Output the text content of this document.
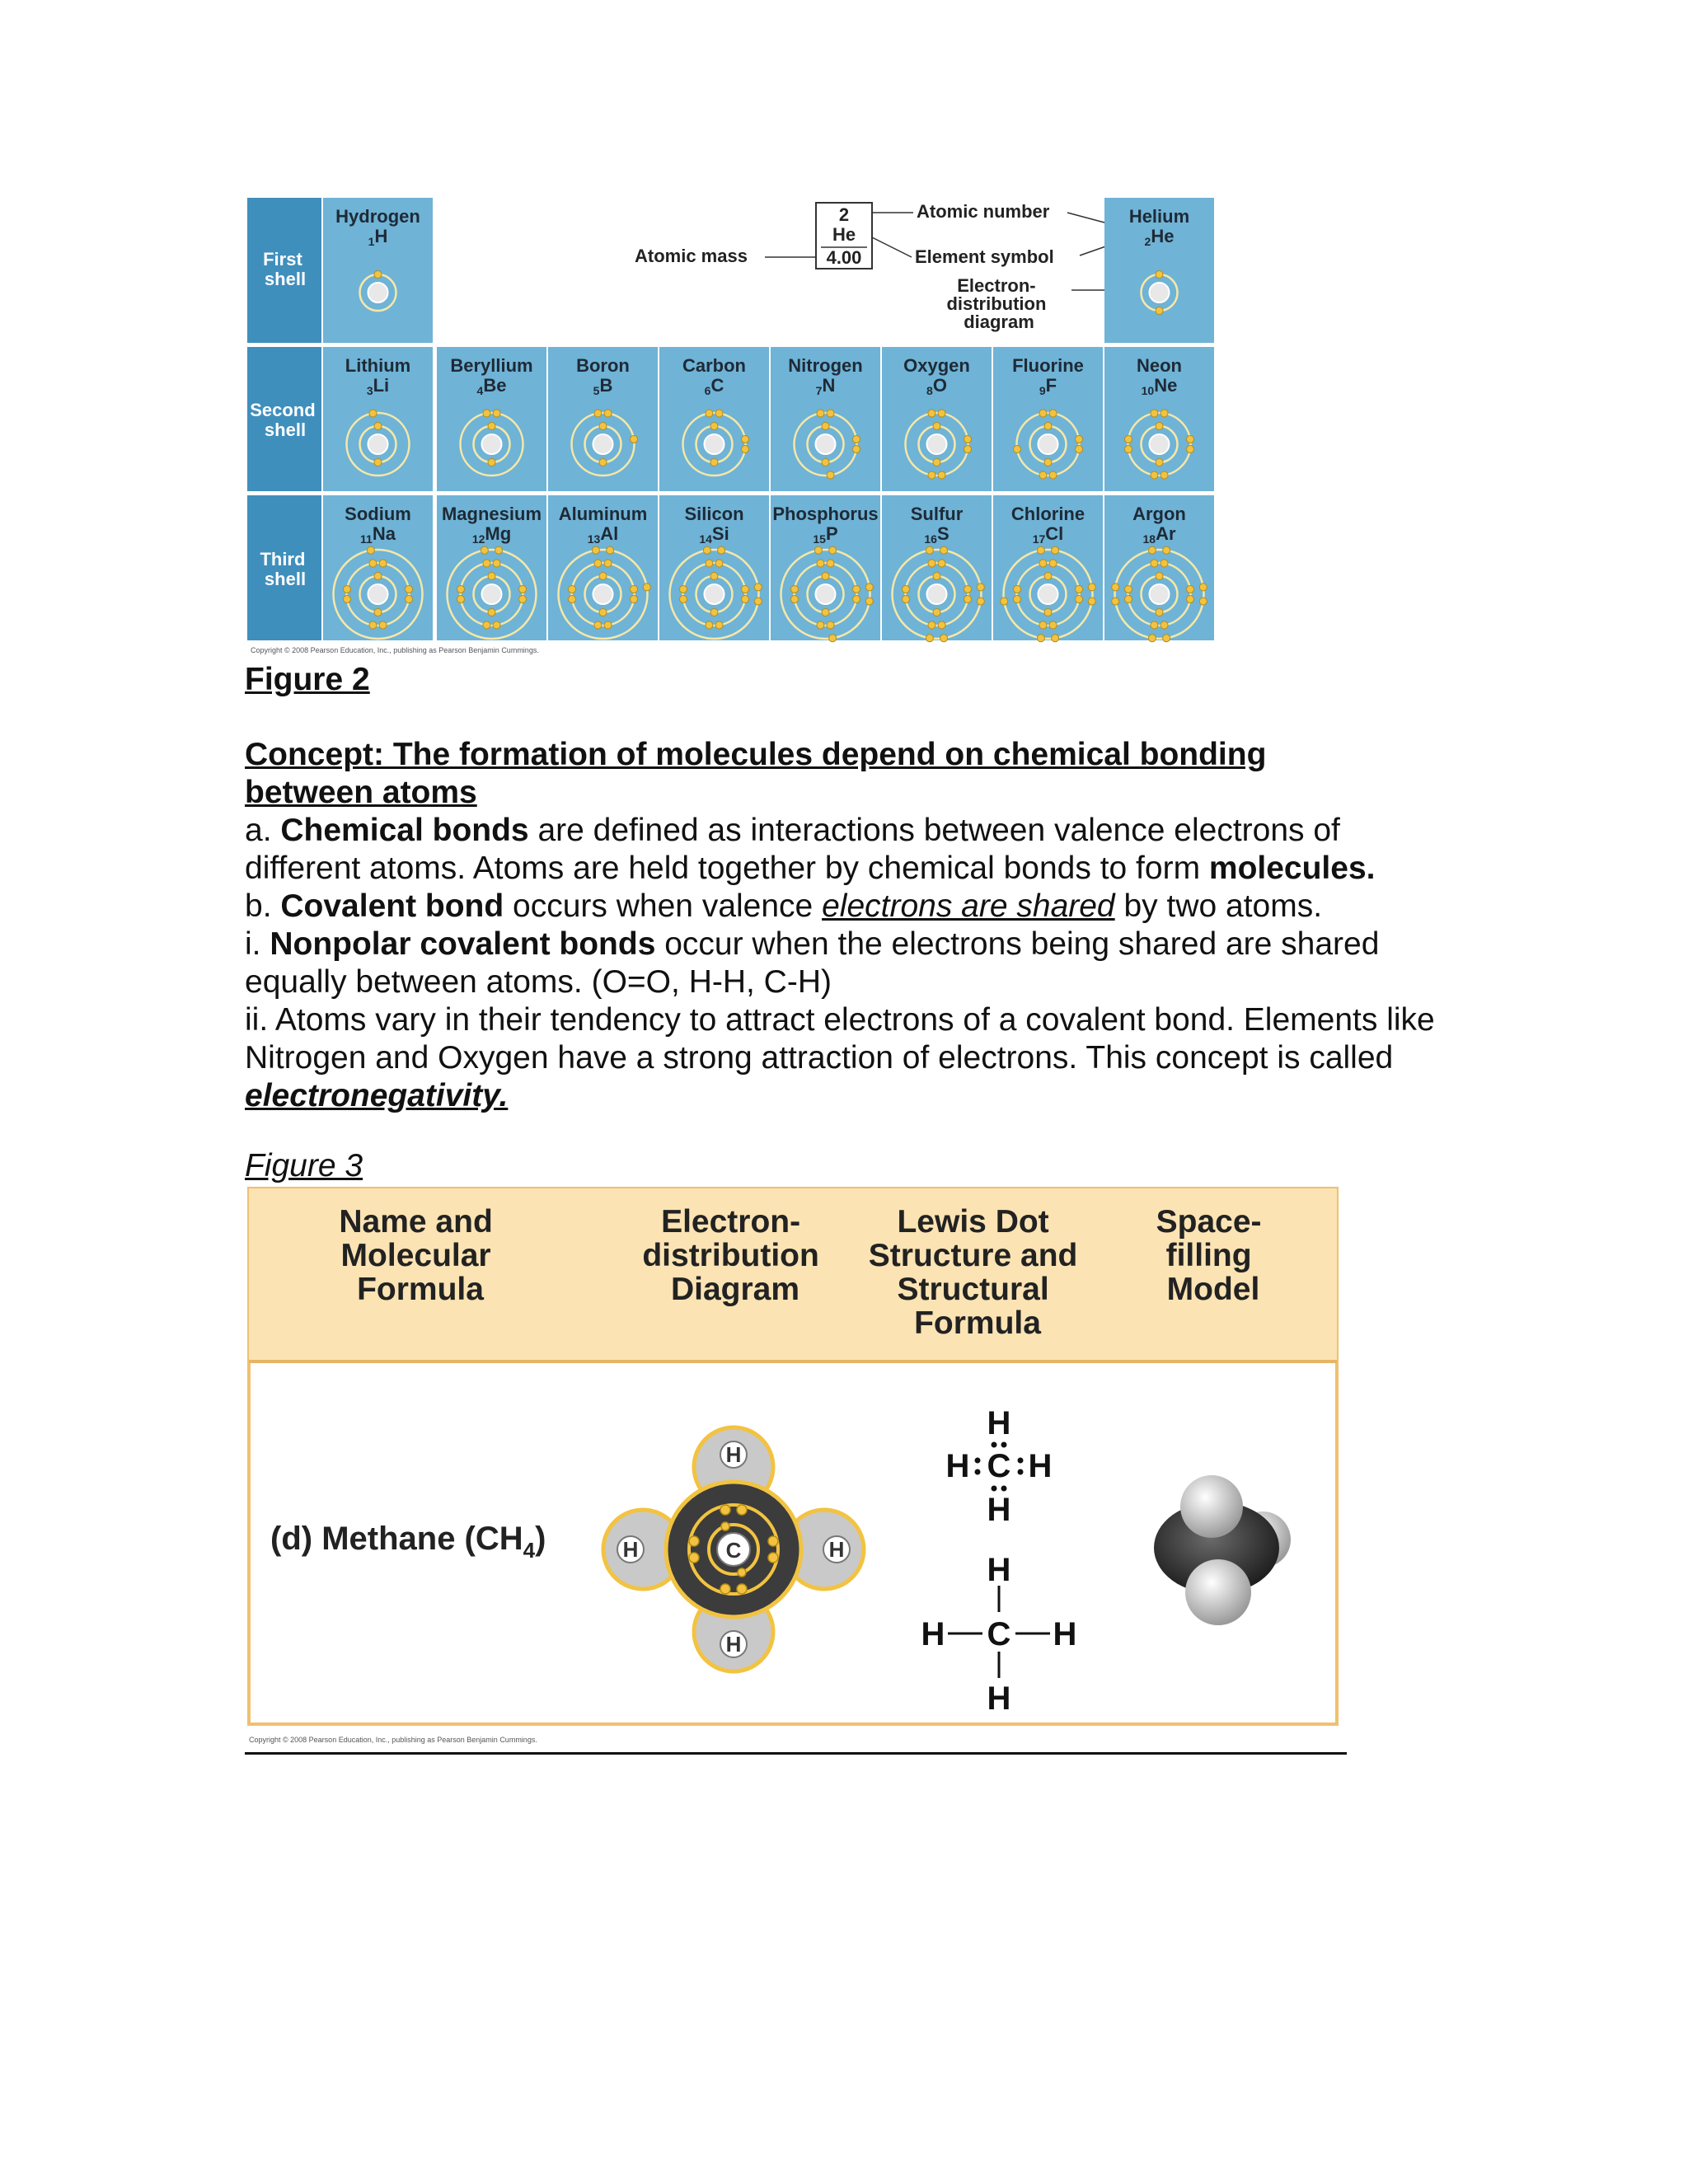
First shell
Second shell
Third shell
2
He
4.00
Atomic mass
Atomic number
Element symbol
Electron- distribution diagram
Hydrogen
1H
Helium
2He
Lithium
3Li
Beryllium
4Be
Boron
5B
Carbon
6C
Nitrogen
7N
Oxygen
8O
Fluorine
9F
Neon
10Ne
Sodium
11Na
Magnesium
12Mg
Aluminum
13Al
Silicon
14Si
Phosphorus
15P
Sulfur
16S
Chlorine
17Cl
Argon
18Ar
Copyright © 2008 Pearson Education, Inc., publishing as Pearson Benjamin Cummings.

Figure 2

Concept: The formation of molecules depend on chemical bonding between atoms

a. Chemical bonds are defined as interactions between valence electrons of different atoms. Atoms are held together by chemical bonds to form molecules.

b. Covalent bond occurs when valence electrons are shared by two atoms.

i. Nonpolar covalent bonds occur when the electrons being shared are shared equally between atoms. (O=O, H-H, C-H)

ii. Atoms vary in their tendency to attract electrons of a covalent bond. Elements like Nitrogen and Oxygen have a strong attraction of electrons. This concept is called electronegativity.

Figure 3

Name and Molecular Formula
Electron- distribution Diagram
Lewis Dot Structure and Structural Formula
Space- filling Model
(d) Methane $(CH_4)$	C
H
H
H	H
H
H C H
H
H
H C H
H
Copyright © 2008 Pearson Education, Inc., publishing as Pearson Benjamin Cummings.
